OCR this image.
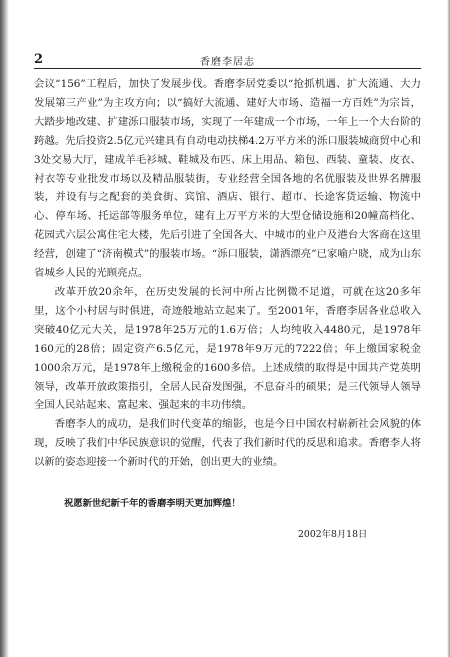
2	香磨李居志

会议“156”工程后，加快了发展步伐。香磨李居党委以“抢抓机遇、扩大流通、大力发展第三产业”为主攻方向；以“搞好大流通、建好大市场、造福一方百姓”为宗旨，大踏步地改建、扩建泺口服装市场，实现了一年建成一个市场，一年上一个大台阶的跨越。先后投资2.5亿元兴建具有自动电动扶梯4.2万平方米的泺口服装城商贸中心和3处交易大厅，建成羊毛衫城、鞋城及布匹、床上用品、箱包、西装、童装、皮衣、衬衣等专业批发市场以及精品服装街，专业经营全国各地的名优服装及世界名牌服装，并设有与之配套的美食街、宾馆、酒店、银行、超市、长途客货运输、物流中心、停车场、托运部等服务单位，建有上万平方米的大型仓储设施和20幢高档化、花园式六层公寓住宅大楼，先后引进了全国各大、中城市的业户及港台大客商在这里经营，创建了“济南模式”的服装市场。“泺口服装，潇洒漂亮”已家喻户晓，成为山东省城乡人民的光顾亮点。

改革开放20余年，在历史发展的长河中所占比例微不足道，可就在这20多年里，这个小村居与时俱进，奇迹般地站立起来了。至2001年，香磨李居各业总收入突破40亿元大关，是1978年25万元的1.6万倍；人均纯收入4480元，是1978年160元的28倍；固定资产6.5亿元，是1978年9万元的7222倍；年上缴国家税金1000余万元，是1978年上缴税金的1600多倍。上述成绩的取得是中国共产党英明领导，改革开放政策指引，全居人民奋发图强，不息奋斗的硕果；是三代领导人领导全国人民站起来、富起来、强起来的丰功伟绩。

香磨李人的成功，是我们时代变革的缩影，也是今日中国农村崭新社会风貌的体现，反映了我们中华民族意识的觉醒，代表了我们新时代的反思和追求。香磨李人将以新的姿态迎接一个新时代的开始，创出更大的业绩。

祝愿新世纪新千年的香磨李明天更加辉煌！
2002年8月18日
